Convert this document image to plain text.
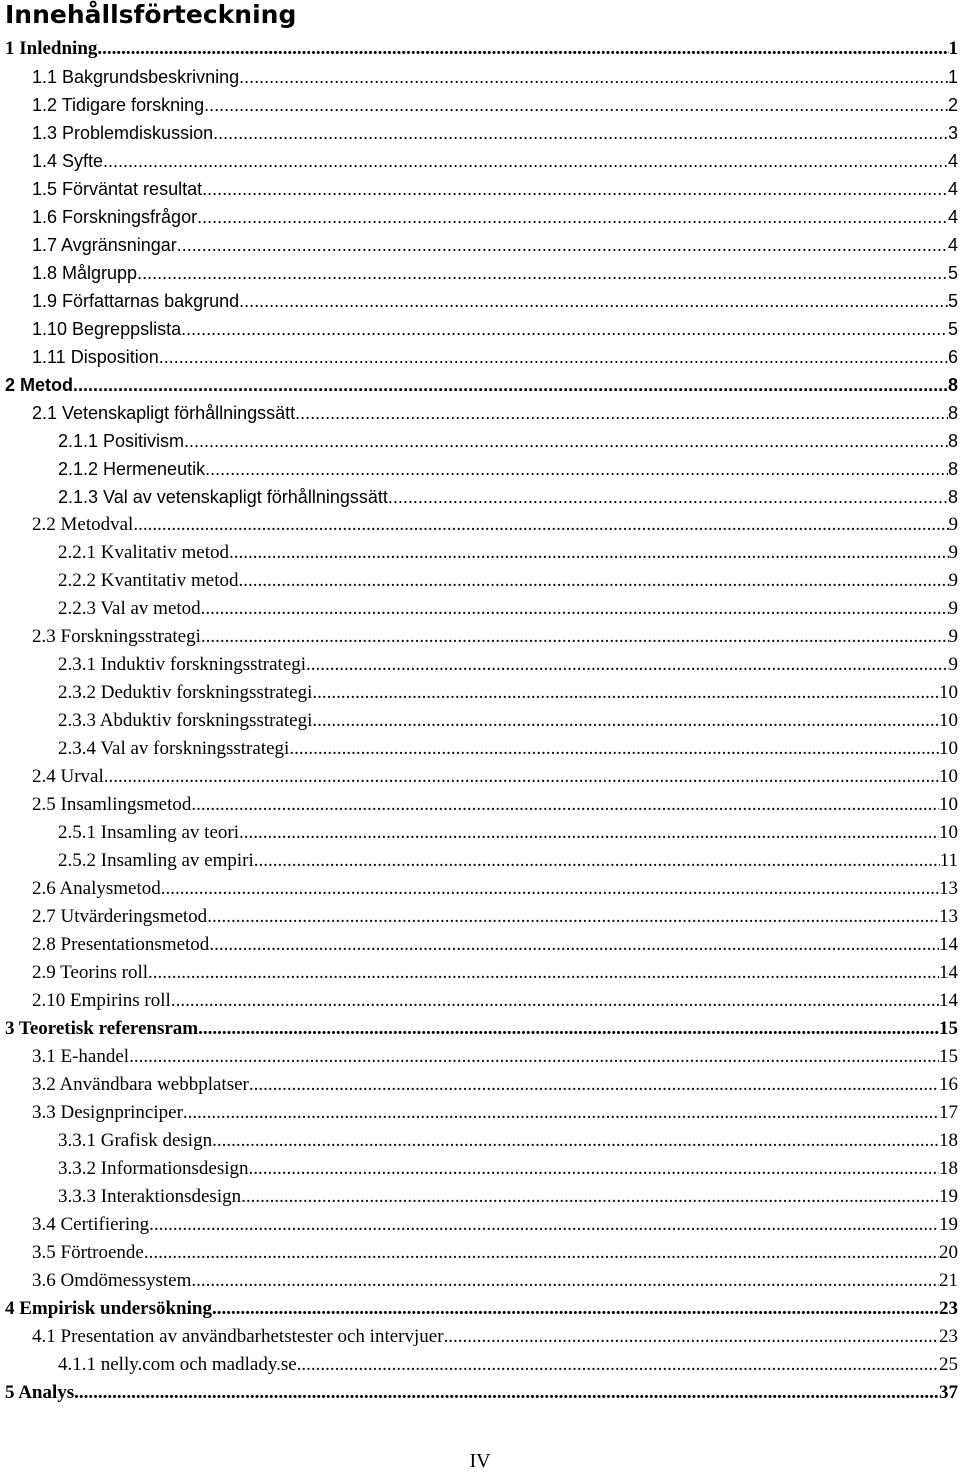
Innehållsförteckning
1 Inledning .....	1
1.1 Bakgrundsbeskrivning .....	1
1.2 Tidigare forskning .....	2
1.3 Problemdiskussion .....	3
1.4 Syfte .....	4
1.5 Förväntat resultat .....	4
1.6 Forskningsfrågor .....	4
1.7 Avgränsningar .....	4
1.8 Målgrupp .....	5
1.9 Författarnas bakgrund .....	5
1.10 Begreppslista .....	5
1.11 Disposition .....	6
2 Metod .....	8
2.1 Vetenskapligt förhållningssätt .....	8
2.1.1 Positivism .....	8
2.1.2 Hermeneutik .....	8
2.1.3 Val av vetenskapligt förhållningssätt .....	8
2.2 Metodval .....	9
2.2.1 Kvalitativ metod .....	9
2.2.2 Kvantitativ metod .....	9
2.2.3 Val av metod .....	9
2.3 Forskningsstrategi .....	9
2.3.1 Induktiv forskningsstrategi .....	9
2.3.2 Deduktiv forskningsstrategi .....	10
2.3.3 Abduktiv forskningsstrategi .....	10
2.3.4 Val av forskningsstrategi .....	10
2.4 Urval .....	10
2.5 Insamlingsmetod .....	10
2.5.1 Insamling av teori .....	10
2.5.2 Insamling av empiri .....	11
2.6 Analysmetod .....	13
2.7 Utvärderingsmetod .....	13
2.8 Presentationsmetod .....	14
2.9 Teorins roll .....	14
2.10 Empirins roll .....	14
3 Teoretisk referensram .....	15
3.1 E-handel .....	15
3.2 Användbara webbplatser .....	16
3.3 Designprinciper .....	17
3.3.1 Grafisk design .....	18
3.3.2 Informationsdesign .....	18
3.3.3 Interaktionsdesign .....	19
3.4 Certifiering .....	19
3.5 Förtroende .....	20
3.6 Omdömessystem .....	21
4 Empirisk undersökning .....	23
4.1 Presentation av användbarhetstester och intervjuer .....	23
4.1.1 nelly.com och madlady.se .....	25
5 Analys .....	37
IV
